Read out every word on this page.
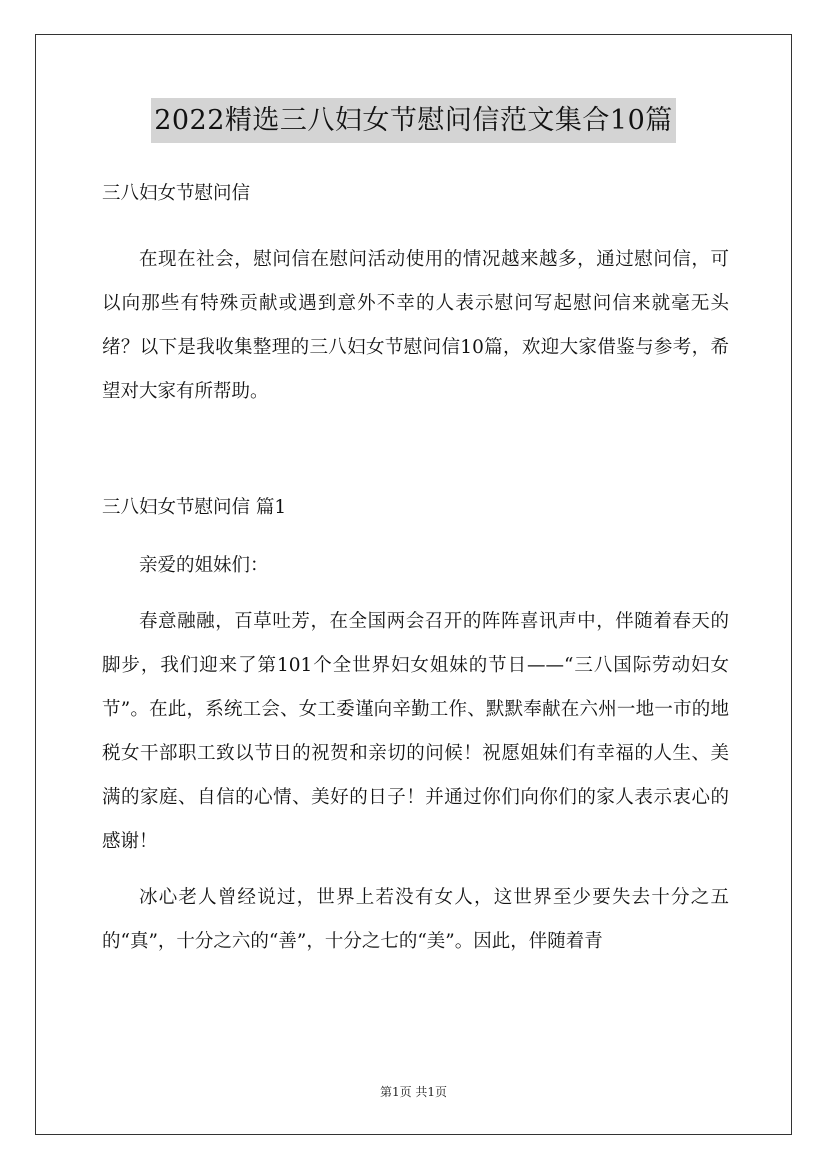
2022精选三八妇女节慰问信范文集合10篇

三八妇女节慰问信

在现在社会，慰问信在慰问活动使用的情况越来越多，通过慰问信，可以向那些有特殊贡献或遇到意外不幸的人表示慰问写起慰问信来就毫无头绪？以下是我收集整理的三八妇女节慰问信10篇，欢迎大家借鉴与参考，希望对大家有所帮助。

三八妇女节慰问信 篇1

亲爱的姐妹们：

春意融融，百草吐芳，在全国两会召开的阵阵喜讯声中，伴随着春天的脚步，我们迎来了第101个全世界妇女姐妹的节日——“三八国际劳动妇女节”。在此，系统工会、女工委谨向辛勤工作、默默奉献在六州一地一市的地税女干部职工致以节日的祝贺和亲切的问候！祝愿姐妹们有幸福的人生、美满的家庭、自信的心情、美好的日子！并通过你们向你们的家人表示衷心的感谢！

冰心老人曾经说过，世界上若没有女人，这世界至少要失去十分之五的“真”，十分之六的“善”，十分之七的“美”。因此，伴随着青

第1页 共1页
